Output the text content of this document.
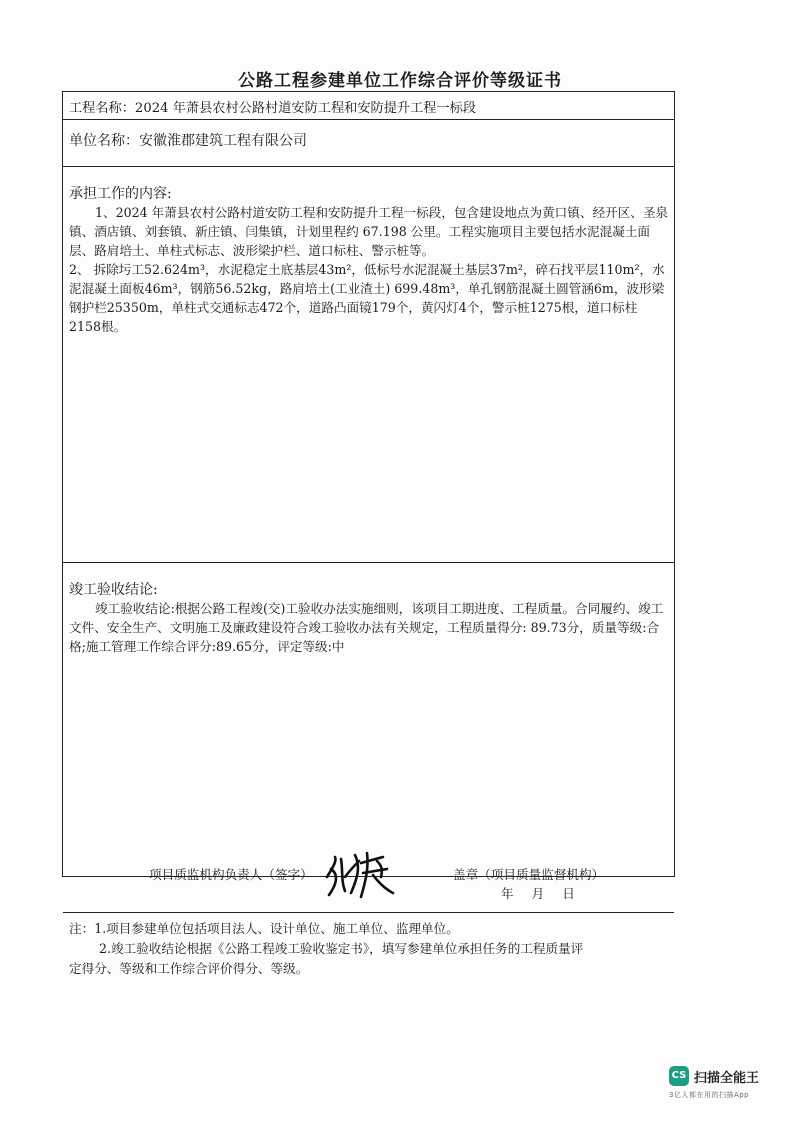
公路工程参建单位工作综合评价等级证书
工程名称：2024 年萧县农村公路村道安防工程和安防提升工程一标段
单位名称：安徽淮郡建筑工程有限公司
承担工作的内容:

1、2024 年萧县农村公路村道安防工程和安防提升工程一标段，包含建设地点为黄口镇、经开区、圣泉镇、酒店镇、刘套镇、新庄镇、闫集镇，计划里程约 67.198 公里。工程实施项目主要包括水泥混凝土面层、路肩培土、单柱式标志、波形梁护栏、道口标柱、警示桩等。

2、 拆除圬工52.624m³，水泥稳定土底基层43m²，低标号水泥混凝土基层37m²，碎石找平层110m²，水泥混凝土面板46m³，钢筋56.52kg，路肩培土(工业渣土) 699.48m³，单孔钢筋混凝土圆管涵6m，波形梁钢护栏25350m，单柱式交通标志472个，道路凸面镜179个，黄闪灯4个，警示桩1275根，道口标柱2158根。

竣工验收结论:

竣工验收结论:根据公路工程竣(交)工验收办法实施细则，该项目工期进度、工程质量。合同履约、竣工文件、安全生产、文明施工及廉政建设符合竣工验收办法有关规定，工程质量得分: 89.73分，质量等级:合格;施工管理工作综合评分:89.65分，评定等级:中

项目质监机构负责人（签字）	盖章（项目质量监督机构）
年 月 日

注：1.项目参建单位包括项目法人、设计单位、施工单位、监理单位。

2.竣工验收结论根据《公路工程竣工验收鉴定书》，填写参建单位承担任务的工程质量评

定得分、等级和工作综合评价得分、等级。

CS 扫描全能王
3亿人都在用的扫描App
